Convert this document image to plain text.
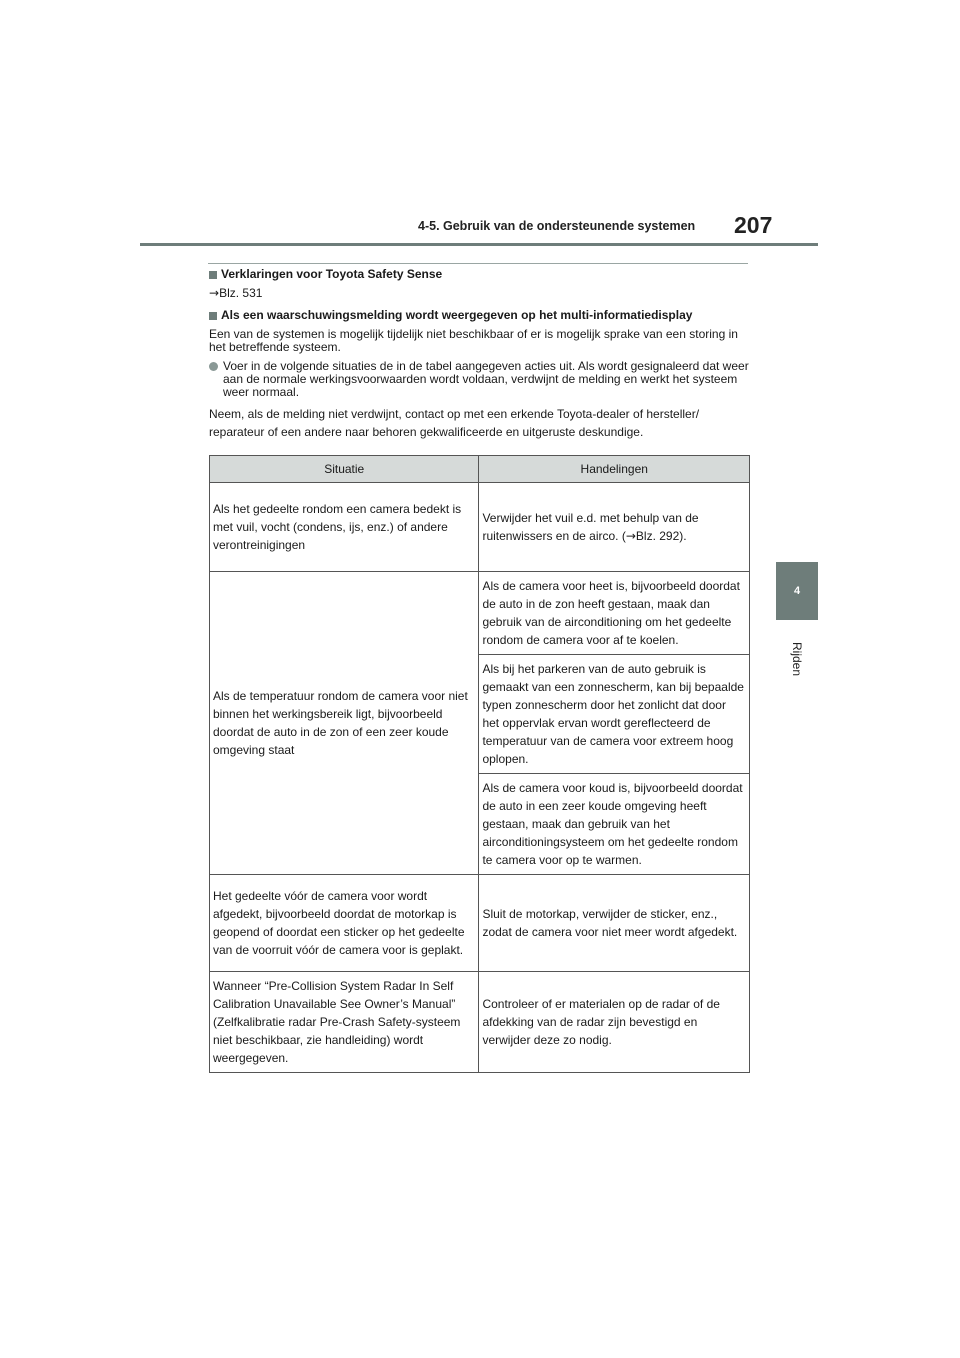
4-5. Gebruik van de ondersteunende systemen 207
4
Rijden
Verklaringen voor Toyota Safety Sense
→Blz. 531
Als een waarschuwingsmelding wordt weergegeven op het multi-informatiedisplay
Een van de systemen is mogelijk tijdelijk niet beschikbaar of er is mogelijk sprake van een storing in het betreffende systeem.
Voer in de volgende situaties de in de tabel aangegeven acties uit. Als wordt gesignaleerd dat weer aan de normale werkingsvoorwaarden wordt voldaan, verdwijnt de melding en werkt het systeem weer normaal.
Neem, als de melding niet verdwijnt, contact op met een erkende Toyota-dealer of hersteller/ reparateur of een andere naar behoren gekwalificeerde en uitgeruste deskundige.
Situatie	Handelingen

Als het gedeelte rondom een camera bedekt is met vuil, vocht (condens, ijs, enz.) of andere verontreinigingen	Verwijder het vuil e.d. met behulp van de ruitenwissers en de airco. (→Blz. 292).

Als de temperatuur rondom de camera voor niet binnen het werkingsbereik ligt, bijvoorbeeld doordat de auto in de zon of een zeer koude omgeving staat	Als de camera voor heet is, bijvoorbeeld doordat de auto in de zon heeft gestaan, maak dan gebruik van de airconditioning om het gedeelte rondom de camera voor af te koelen.
Als bij het parkeren van de auto gebruik is gemaakt van een zonnescherm, kan bij bepaalde typen zonnescherm door het zonlicht dat door het oppervlak ervan wordt gereflecteerd de temperatuur van de camera voor extreem hoog oplopen.
Als de camera voor koud is, bijvoorbeeld doordat de auto in een zeer koude omgeving heeft gestaan, maak dan gebruik van het airconditioningsysteem om het gedeelte rondom te camera voor op te warmen.

Het gedeelte vóór de camera voor wordt afgedekt, bijvoorbeeld doordat de motorkap is geopend of doordat een sticker op het gedeelte van de voorruit vóór de camera voor is geplakt.	Sluit de motorkap, verwijder de sticker, enz., zodat de camera voor niet meer wordt afgedekt.

Wanneer “Pre-Collision System Radar In Self Calibration Unavailable See Owner’s Manual” (Zelfkalibratie radar Pre-Crash Safety-systeem niet beschikbaar, zie handleiding) wordt weergegeven.	Controleer of er materialen op de radar of de afdekking van de radar zijn bevestigd en verwijder deze zo nodig.
